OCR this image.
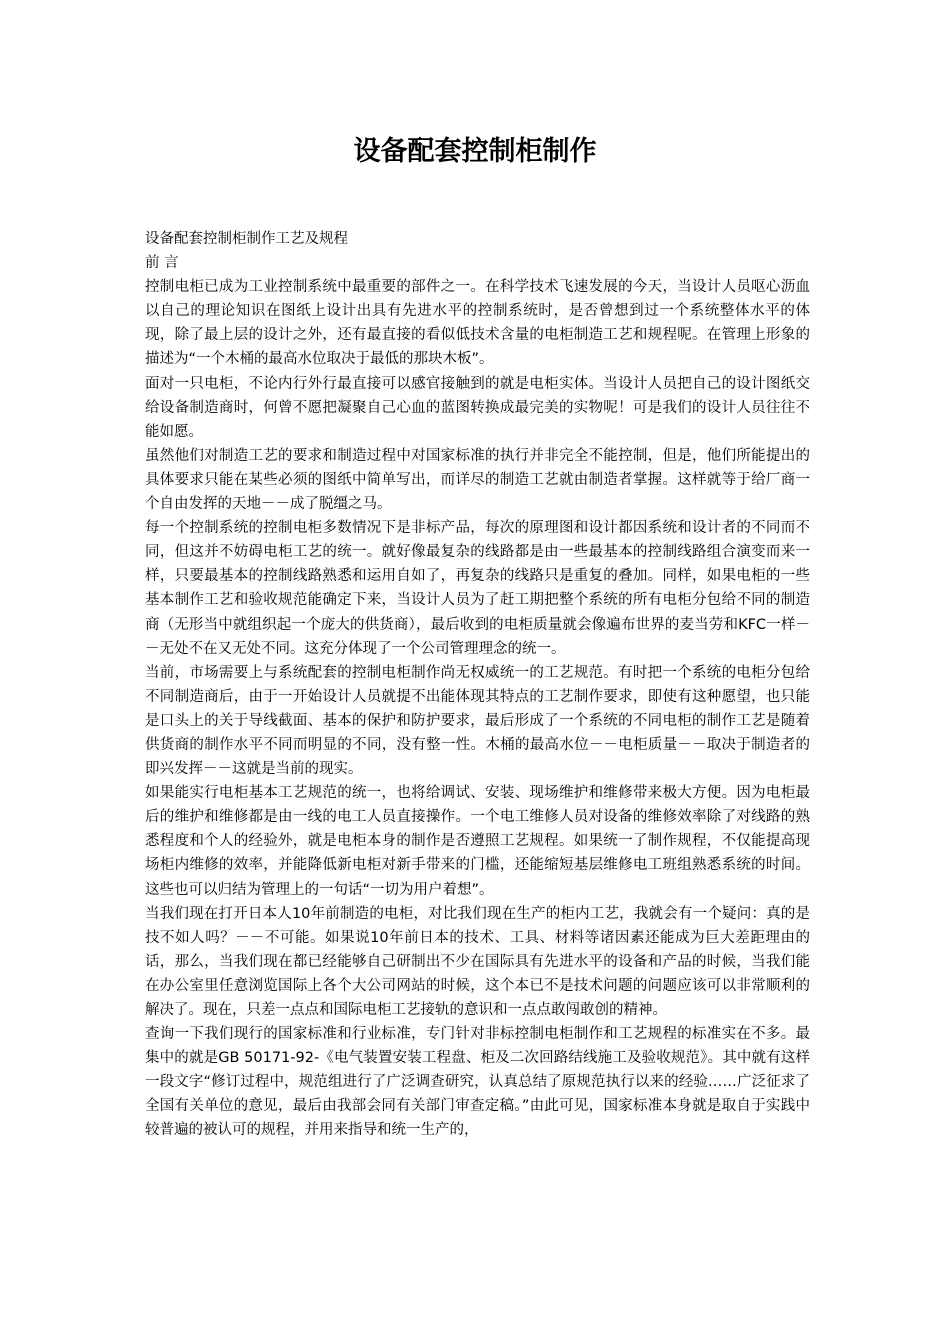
设备配套控制柜制作

设备配套控制柜制作工艺及规程

前 言

控制电柜已成为工业控制系统中最重要的部件之一。在科学技术飞速发展的今天，当设计人员呕心沥血以自己的理论知识在图纸上设计出具有先进水平的控制系统时，是否曾想到过一个系统整体水平的体现，除了最上层的设计之外，还有最直接的看似低技术含量的电柜制造工艺和规程呢。在管理上形象的描述为“一个木桶的最高水位取决于最低的那块木板”。

面对一只电柜，不论内行外行最直接可以感官接触到的就是电柜实体。当设计人员把自己的设计图纸交给设备制造商时，何曾不愿把凝聚自己心血的蓝图转换成最完美的实物呢！可是我们的设计人员往往不能如愿。

虽然他们对制造工艺的要求和制造过程中对国家标准的执行并非完全不能控制，但是，他们所能提出的具体要求只能在某些必须的图纸中简单写出，而详尽的制造工艺就由制造者掌握。这样就等于给厂商一个自由发挥的天地－－成了脱缰之马。

每一个控制系统的控制电柜多数情况下是非标产品，每次的原理图和设计都因系统和设计者的不同而不同，但这并不妨碍电柜工艺的统一。就好像最复杂的线路都是由一些最基本的控制线路组合演变而来一样，只要最基本的控制线路熟悉和运用自如了，再复杂的线路只是重复的叠加。同样，如果电柜的一些基本制作工艺和验收规范能确定下来，当设计人员为了赶工期把整个系统的所有电柜分包给不同的制造商（无形当中就组织起一个庞大的供货商），最后收到的电柜质量就会像遍布世界的麦当劳和KFC一样－－无处不在又无处不同。这充分体现了一个公司管理理念的统一。

当前，市场需要上与系统配套的控制电柜制作尚无权威统一的工艺规范。有时把一个系统的电柜分包给不同制造商后，由于一开始设计人员就提不出能体现其特点的工艺制作要求，即使有这种愿望，也只能是口头上的关于导线截面、基本的保护和防护要求，最后形成了一个系统的不同电柜的制作工艺是随着供货商的制作水平不同而明显的不同，没有整一性。木桶的最高水位－－电柜质量－－取决于制造者的即兴发挥－－这就是当前的现实。

如果能实行电柜基本工艺规范的统一，也将给调试、安装、现场维护和维修带来极大方便。因为电柜最后的维护和维修都是由一线的电工人员直接操作。一个电工维修人员对设备的维修效率除了对线路的熟悉程度和个人的经验外，就是电柜本身的制作是否遵照工艺规程。如果统一了制作规程，不仅能提高现场柜内维修的效率，并能降低新电柜对新手带来的门槛，还能缩短基层维修电工班组熟悉系统的时间。这些也可以归结为管理上的一句话“一切为用户着想”。

当我们现在打开日本人10年前制造的电柜，对比我们现在生产的柜内工艺，我就会有一个疑问：真的是技不如人吗？－－不可能。如果说10年前日本的技术、工具、材料等诸因素还能成为巨大差距理由的话，那么，当我们现在都已经能够自己研制出不少在国际具有先进水平的设备和产品的时候，当我们能在办公室里任意浏览国际上各个大公司网站的时候，这个本已不是技术问题的问题应该可以非常顺利的解决了。现在，只差一点点和国际电柜工艺接轨的意识和一点点敢闯敢创的精神。

查询一下我们现行的国家标准和行业标准，专门针对非标控制电柜制作和工艺规程的标准实在不多。最集中的就是GB 50171-92-《电气装置安装工程盘、柜及二次回路结线施工及验收规范》。其中就有这样一段文字“修订过程中，规范组进行了广泛调查研究，认真总结了原规范执行以来的经验……广泛征求了全国有关单位的意见，最后由我部会同有关部门审查定稿。”由此可见，国家标准本身就是取自于实践中较普遍的被认可的规程，并用来指导和统一生产的，
